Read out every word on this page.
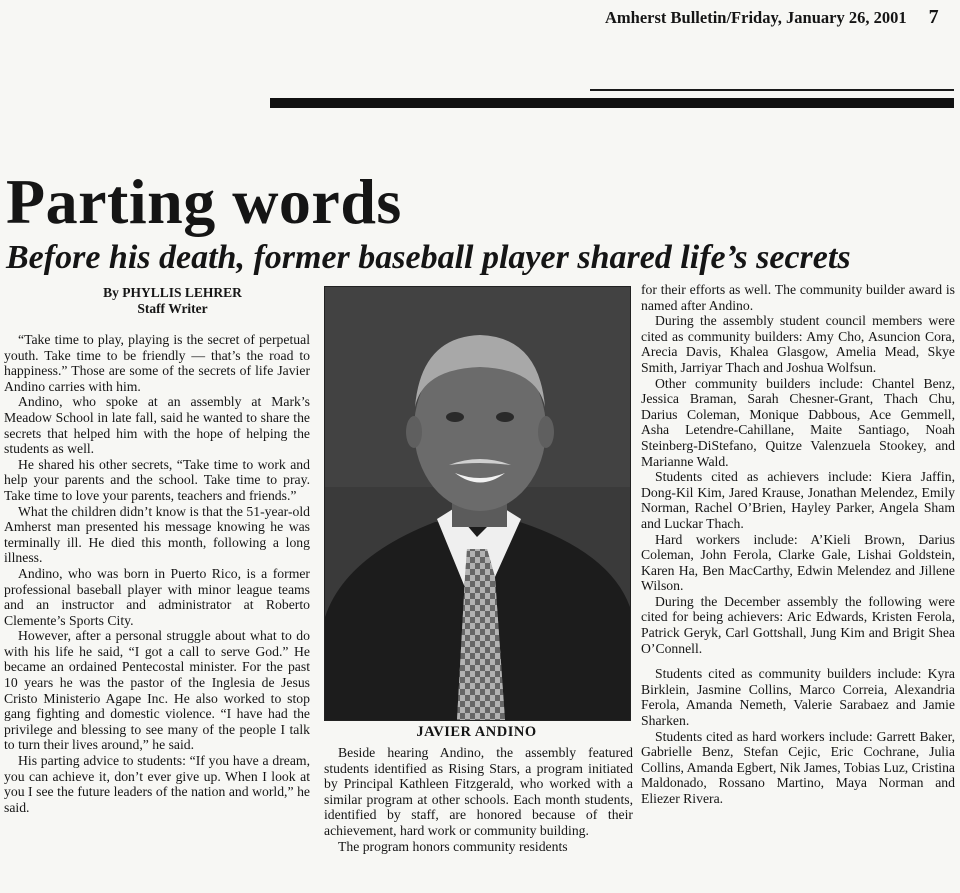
Amherst Bulletin/Friday, January 26, 2001 7
Parting words
Before his death, former baseball player shared life’s secrets
By PHYLLIS LEHRER
Staff Writer

“Take time to play, playing is the secret of perpetual youth. Take time to be friendly — that’s the road to happiness.” Those are some of the secrets of life Javier Andino carries with him.

Andino, who spoke at an assembly at Mark’s Meadow School in late fall, said he wanted to share the secrets that helped him with the hope of helping the students as well.

He shared his other secrets, “Take time to work and help your parents and the school. Take time to pray. Take time to love your parents, teachers and friends.”

What the children didn’t know is that the 51-year-old Amherst man presented his message knowing he was terminally ill. He died this month, following a long illness.

Andino, who was born in Puerto Rico, is a former professional baseball player with minor league teams and an instructor and administrator at Roberto Clemente’s Sports City.

However, after a personal struggle about what to do with his life he said, “I got a call to serve God.” He became an ordained Pentecostal minister. For the past 10 years he was the pastor of the Inglesia de Jesus Cristo Ministerio Agape Inc. He also worked to stop gang fighting and domestic violence. “I have had the privilege and blessing to see many of the people I talk to turn their lives around,” he said.

His parting advice to students: “If you have a dream, you can achieve it, don’t ever give up. When I look at you I see the future leaders of the nation and world,” he said.

JAVIER ANDINO

Beside hearing Andino, the assembly featured students identified as Rising Stars, a program initiated by Principal Kathleen Fitzgerald, who worked with a similar program at other schools. Each month students, identified by staff, are honored because of their achievement, hard work or community building.

The program honors community residents

for their efforts as well. The community builder award is named after Andino.

During the assembly student council members were cited as community builders: Amy Cho, Asuncion Cora, Arecia Davis, Khalea Glasgow, Amelia Mead, Skye Smith, Jarriyar Thach and Joshua Wolfsun.

Other community builders include: Chantel Benz, Jessica Braman, Sarah Chesner-Grant, Thach Chu, Darius Coleman, Monique Dabbous, Ace Gemmell, Asha Letendre-Cahillane, Maite Santiago, Noah Steinberg-DiStefano, Quitze Valenzuela Stookey, and Marianne Wald.

Students cited as achievers include: Kiera Jaffin, Dong-Kil Kim, Jared Krause, Jonathan Melendez, Emily Norman, Rachel O’Brien, Hayley Parker, Angela Sham and Luckar Thach.

Hard workers include: A’Kieli Brown, Darius Coleman, John Ferola, Clarke Gale, Lishai Goldstein, Karen Ha, Ben MacCarthy, Edwin Melendez and Jillene Wilson.

During the December assembly the following were cited for being achievers: Aric Edwards, Kristen Ferola, Patrick Geryk, Carl Gottshall, Jung Kim and Brigit Shea O’Connell.

Students cited as community builders include: Kyra Birklein, Jasmine Collins, Marco Correia, Alexandria Ferola, Amanda Nemeth, Valerie Sarabaez and Jamie Sharken.

Students cited as hard workers include: Garrett Baker, Gabrielle Benz, Stefan Cejic, Eric Cochrane, Julia Collins, Amanda Egbert, Nik James, Tobias Luz, Cristina Maldonado, Rossano Martino, Maya Norman and Eliezer Rivera.
